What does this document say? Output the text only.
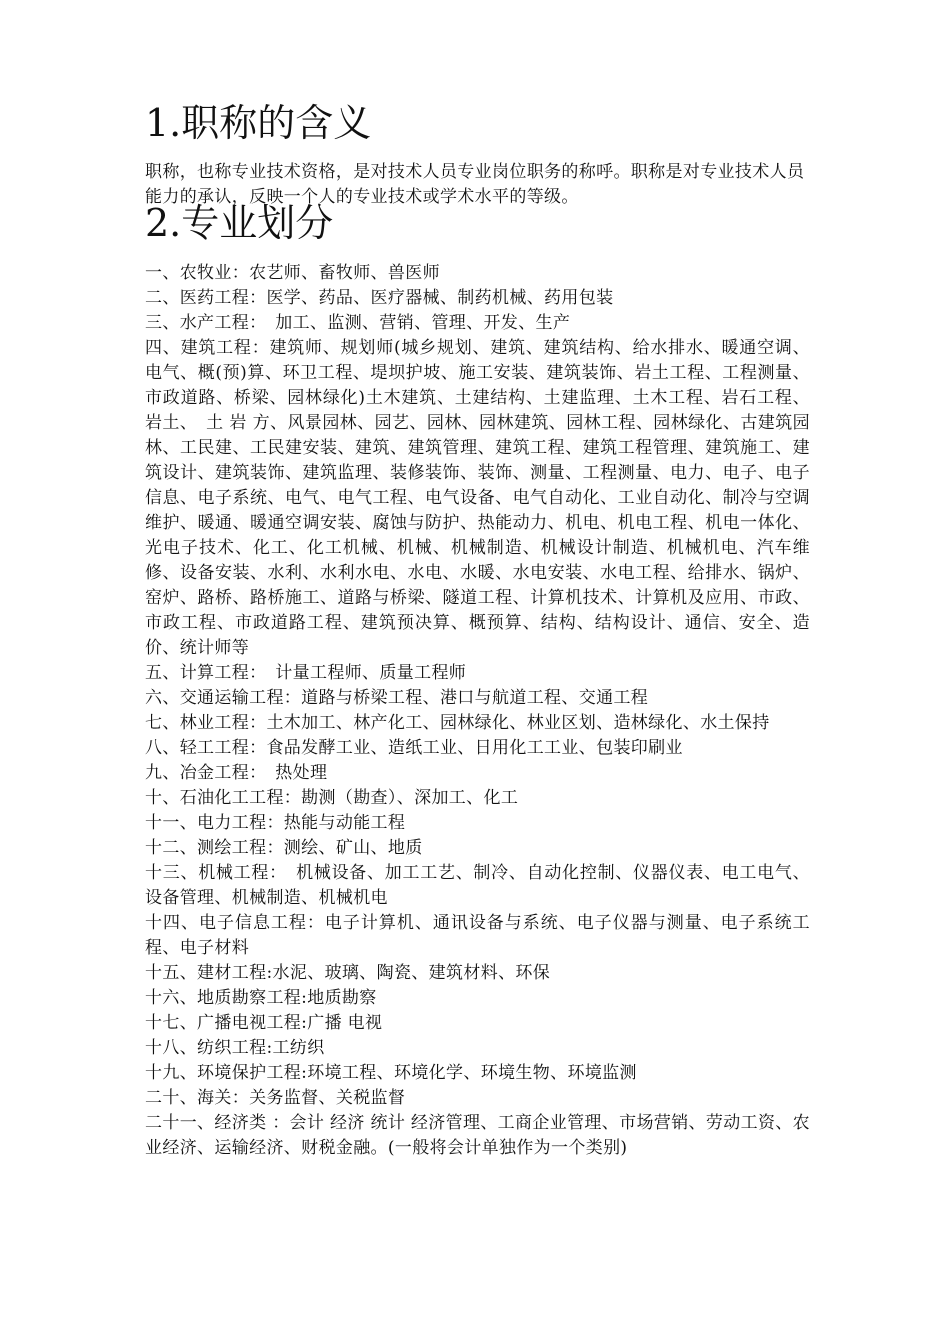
1.职称的含义

职称，也称专业技术资格，是对技术人员专业岗位职务的称呼。职称是对专业技术人员能力的承认，反映一个人的专业技术或学术水平的等级。

2.专业划分
一、农牧业：农艺师、畜牧师、兽医师
二、医药工程：医学、药品、医疗器械、制药机械、药用包装
三、水产工程：　加工、监测、营销、管理、开发、生产
四、建筑工程：建筑师、规划师(城乡规划、建筑、建筑结构、给水排水、暖通空调、电气、概(预)算、环卫工程、堤坝护坡、施工安装、建筑装饰、岩土工程、工程测量、市政道路、桥梁、园林绿化)土木建筑、土建结构、土建监理、土木工程、岩石工程、岩土、　土 岩 方、风景园林、园艺、园林、园林建筑、园林工程、园林绿化、古建筑园林、工民建、工民建安装、建筑、建筑管理、建筑工程、建筑工程管理、建筑施工、建筑设计、建筑装饰、建筑监理、装修装饰、装饰、测量、工程测量、电力、电子、电子信息、电子系统、电气、电气工程、电气设备、电气自动化、工业自动化、制冷与空调维护、暖通、暖通空调安装、腐蚀与防护、热能动力、机电、机电工程、机电一体化、光电子技术、化工、化工机械、机械、机械制造、机械设计制造、机械机电、汽车维修、设备安装、水利、水利水电、水电、水暖、水电安装、水电工程、给排水、锅炉、窑炉、路桥、路桥施工、道路与桥梁、隧道工程、计算机技术、计算机及应用、市政、市政工程、市政道路工程、建筑预决算、概预算、结构、结构设计、通信、安全、造价、统计师等
五、计算工程：　计量工程师、质量工程师
六、交通运输工程：道路与桥梁工程、港口与航道工程、交通工程
七、林业工程：土木加工、林产化工、园林绿化、林业区划、造林绿化、水土保持
八、轻工工程：食品发酵工业、造纸工业、日用化工工业、包装印刷业
九、冶金工程：　热处理
十、石油化工工程：勘测（勘查）、深加工、化工
十一、电力工程：热能与动能工程
十二、测绘工程：测绘、矿山、地质
十三、机械工程：　机械设备、加工工艺、制冷、自动化控制、仪器仪表、电工电气、设备管理、机械制造、机械机电
十四、电子信息工程：电子计算机、通讯设备与系统、电子仪器与测量、电子系统工程、电子材料
十五、建材工程:水泥、玻璃、陶瓷、建筑材料、环保
十六、地质勘察工程:地质勘察
十七、广播电视工程:广播 电视
十八、纺织工程:工纺织
十九、环境保护工程:环境工程、环境化学、环境生物、环境监测
二十、海关：关务监督、关税监督
二十一、经济类 ：会计 经济 统计 经济管理、工商企业管理、市场营销、劳动工资、农业经济、运输经济、财税金融。(一般将会计单独作为一个类别)
